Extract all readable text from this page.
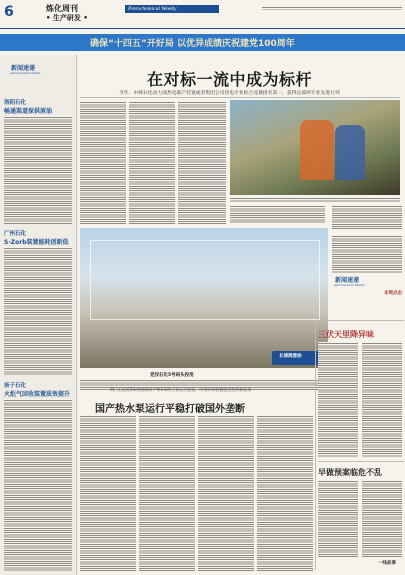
6	炼化周刊
• 生产研发 •
Petrochemical Weekly
确保“十四五”开好局 以优异成绩庆祝建党100周年
新闻速递
petrochemical Weekly
洛阳石化
畅通渠道保供原油
广州石化
S-Zorb装置能耗创新低
扬子石化
火炬气回收装置质效提升
在对标一流中成为标杆
今年，中韩石化动力部热电联产装置或者集团公司热电专业综合竞赛排名第一，获得总部两专业先进行列
长城润滑油
党伐石化5号码头投用
新闻速递
petrochemical Weekly
本周点击
三伏天里降异味
早做预案临危不乱
一线故事
荆门石化近5年的持续改产和1年的工业运行检验，经审形成装置稳定性的新技术
国产热水泵运行平稳打破国外垄断
